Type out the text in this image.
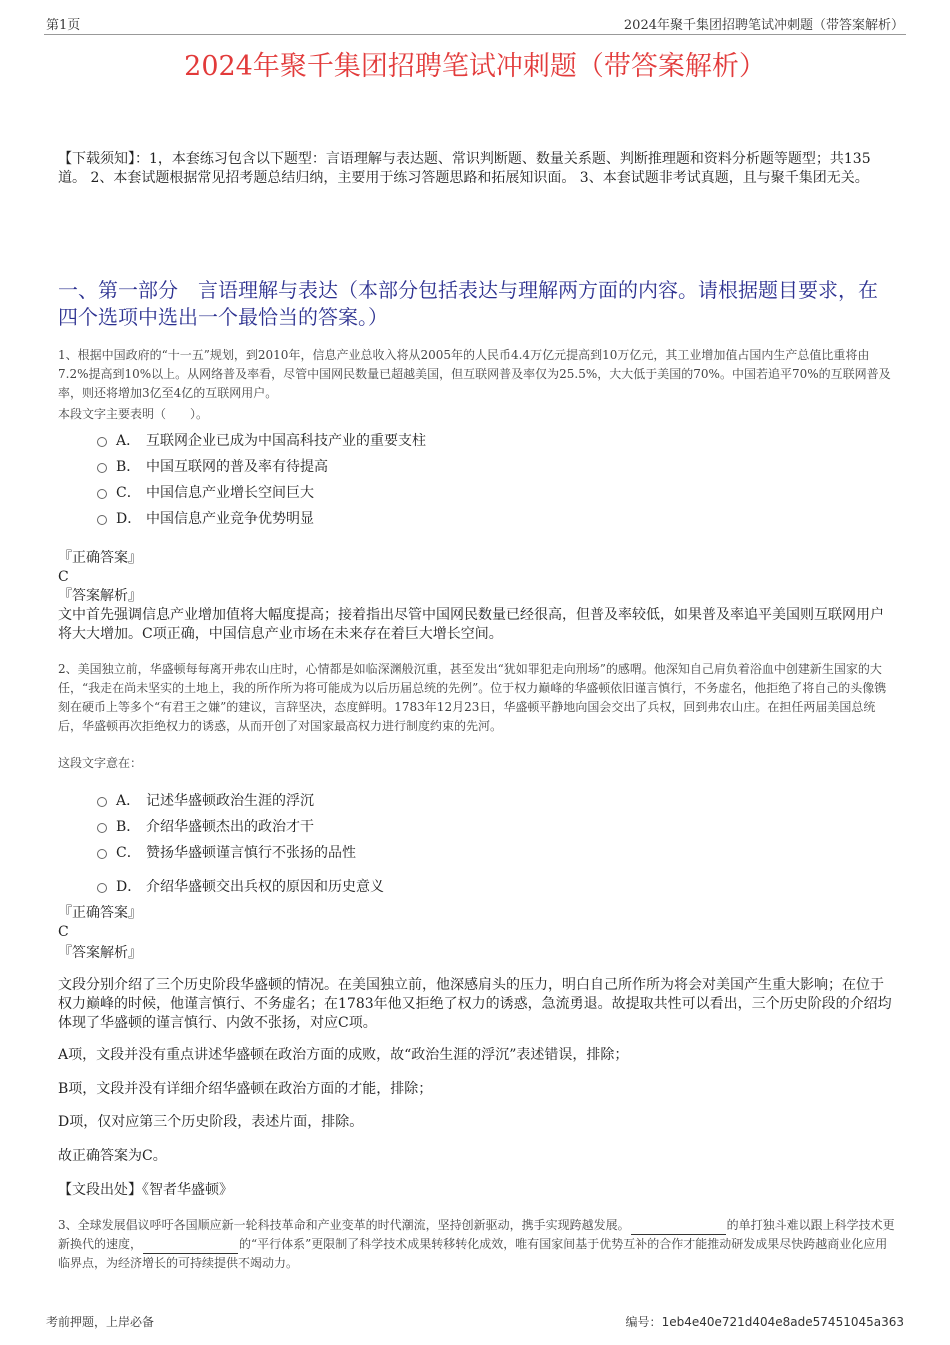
第1页	2024年聚千集团招聘笔试冲刺题（带答案解析）
2024年聚千集团招聘笔试冲刺题（带答案解析）
【下载须知】：1，本套练习包含以下题型：言语理解与表达题、常识判断题、数量关系题、判断推理题和资料分析题等题型；共135道。 2、本套试题根据常见招考题总结归纳，主要用于练习答题思路和拓展知识面。 3、本套试题非考试真题，且与聚千集团无关。
一、第一部分　言语理解与表达（本部分包括表达与理解两方面的内容。请根据题目要求，在四个选项中选出一个最恰当的答案。）
1、根据中国政府的“十一五”规划，到2010年，信息产业总收入将从2005年的人民币4.4万亿元提高到10万亿元，其工业增加值占国内生产总值比重将由7.2%提高到10%以上。从网络普及率看，尽管中国网民数量已超越美国，但互联网普及率仅为25.5%，大大低于美国的70%。中国若追平70%的互联网普及率，则还将增加3亿至4亿的互联网用户。
本段文字主要表明（　　）。
A． 互联网企业已成为中国高科技产业的重要支柱
B． 中国互联网的普及率有待提高
C． 中国信息产业增长空间巨大
D． 中国信息产业竞争优势明显
『正确答案』
C
『答案解析』
文中首先强调信息产业增加值将大幅度提高；接着指出尽管中国网民数量已经很高，但普及率较低，如果普及率追平美国则互联网用户将大大增加。C项正确，中国信息产业市场在未来存在着巨大增长空间。
2、美国独立前，华盛顿每每离开弗农山庄时，心情都是如临深渊般沉重，甚至发出“犹如罪犯走向刑场”的感喟。他深知自己肩负着浴血中创建新生国家的大任，“我走在尚未坚实的土地上，我的所作所为将可能成为以后历届总统的先例”。位于权力巅峰的华盛顿依旧谨言慎行，不务虚名，他拒绝了将自己的头像镌刻在硬币上等多个“有君王之嫌”的建议，言辞坚决，态度鲜明。1783年12月23日，华盛顿平静地向国会交出了兵权，回到弗农山庄。在担任两届美国总统后，华盛顿再次拒绝权力的诱惑，从而开创了对国家最高权力进行制度约束的先河。
这段文字意在：
A． 记述华盛顿政治生涯的浮沉
B． 介绍华盛顿杰出的政治才干
C． 赞扬华盛顿谨言慎行不张扬的品性
D． 介绍华盛顿交出兵权的原因和历史意义
『正确答案』
C
『答案解析』
文段分别介绍了三个历史阶段华盛顿的情况。在美国独立前，他深感肩头的压力，明白自己所作所为将会对美国产生重大影响；在位于权力巅峰的时候，他谨言慎行、不务虚名；在1783年他又拒绝了权力的诱惑，急流勇退。故提取共性可以看出，三个历史阶段的介绍均体现了华盛顿的谨言慎行、内敛不张扬，对应C项。
A项，文段并没有重点讲述华盛顿在政治方面的成败，故“政治生涯的浮沉”表述错误，排除；
B项，文段并没有详细介绍华盛顿在政治方面的才能，排除；
D项，仅对应第三个历史阶段，表述片面，排除。
故正确答案为C。
【文段出处】《智者华盛顿》
3、全球发展倡议呼吁各国顺应新一轮科技革命和产业变革的时代潮流，坚持创新驱动，携手实现跨越发展。	的单打独斗难以跟上科学技术更新换代的速度，	的“平行体系”更限制了科学技术成果转移转化成效，唯有国家间基于优势互补的合作才能推动研发成果尽快跨越商业化应用临界点，为经济增长的可持续提供不竭动力。
考前押题，上岸必备	编号：1eb4e40e721d404e8ade57451045a363
